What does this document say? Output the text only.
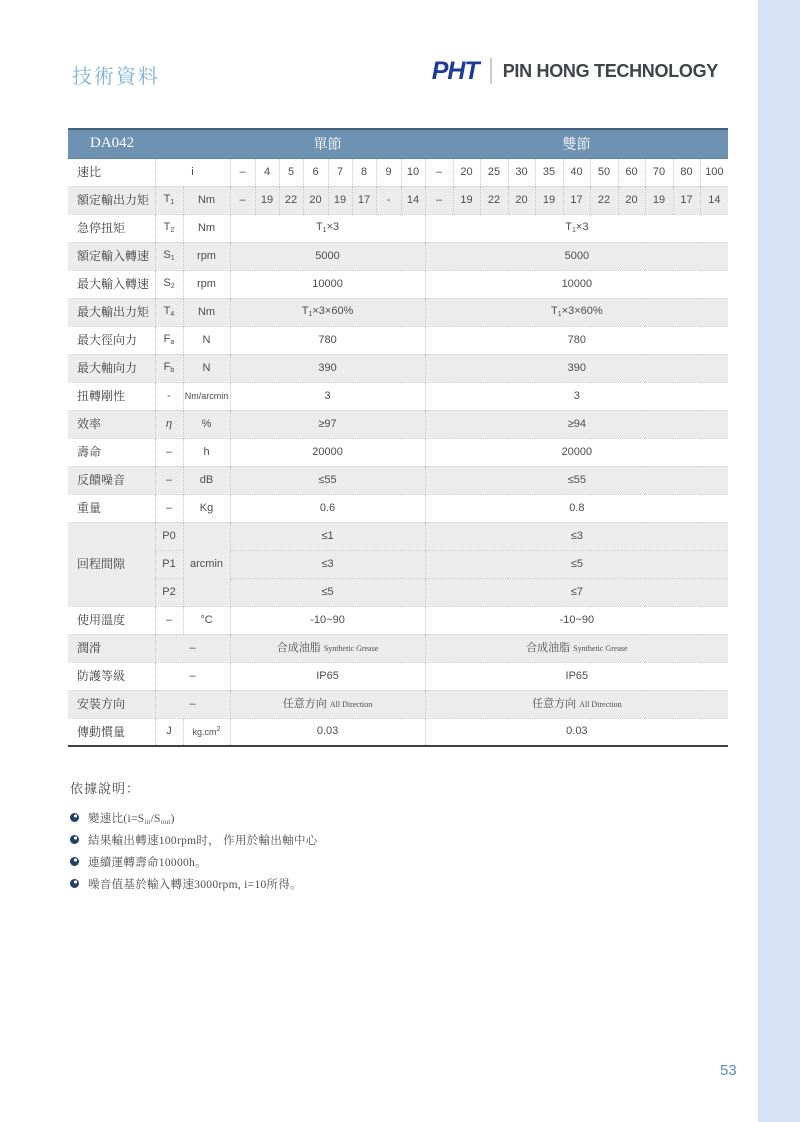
技術資料	PHT PIN HONG TECHNOLOGY
DA042			單節								雙節										
速比	i		–	4	5	6	7	8	9	10	–	20	25	30	35	40	50	60	70	80	100
額定輸出力矩	$T_1$	Nm	–	19	22	20	19	17	-	14	–	19	22	20	19	17	22	20	19	17	14
急停扭矩	$T_2$	Nm	$T_1\times 3$								$T_1\times 3$										
額定輸入轉速	$S_1$	rpm	5000								5000										
最大輸入轉速	$S_2$	rpm	10000								10000										
最大輸出力矩	$T_4$	Nm	$T_1\times 3\times 60\%$								$T_1\times 3\times 60\%$										
最大徑向力	$F_a$	N	780								780										
最大軸向力	$F_b$	N	390								390										
扭轉剛性	-	Nm/arcmin	3								3										
效率	η	%	≥97								≥94										
壽命	–	h	20000								20000										
反饋噪音	–	dB	≤55								≤55										
重量	–	Kg	0.6								0.8										
回程間隙	P0	arcmin	≤1								≤3										
	P1		≤3								≤5										
	P2		≤5								≤7										
使用溫度	–	°C	-10~90								-10~90										
潤滑	–		合成油脂 Synthetic Grease								合成油脂 Synthetic Grease										
防護等級	–		IP65								IP65										
安裝方向	–		任意方向 All Direction								任意方向 All Direction										
傳動慣量	J	$kg.cm^2$	0.03								0.03										
依據說明：
變速比$(i=S_{in}/S_{out})$
結果輸出轉速100rpm时， 作用於輸出軸中心
連續運轉壽命10000h。
噪音值基於輸入轉速3000rpm, i=10所得。
53
